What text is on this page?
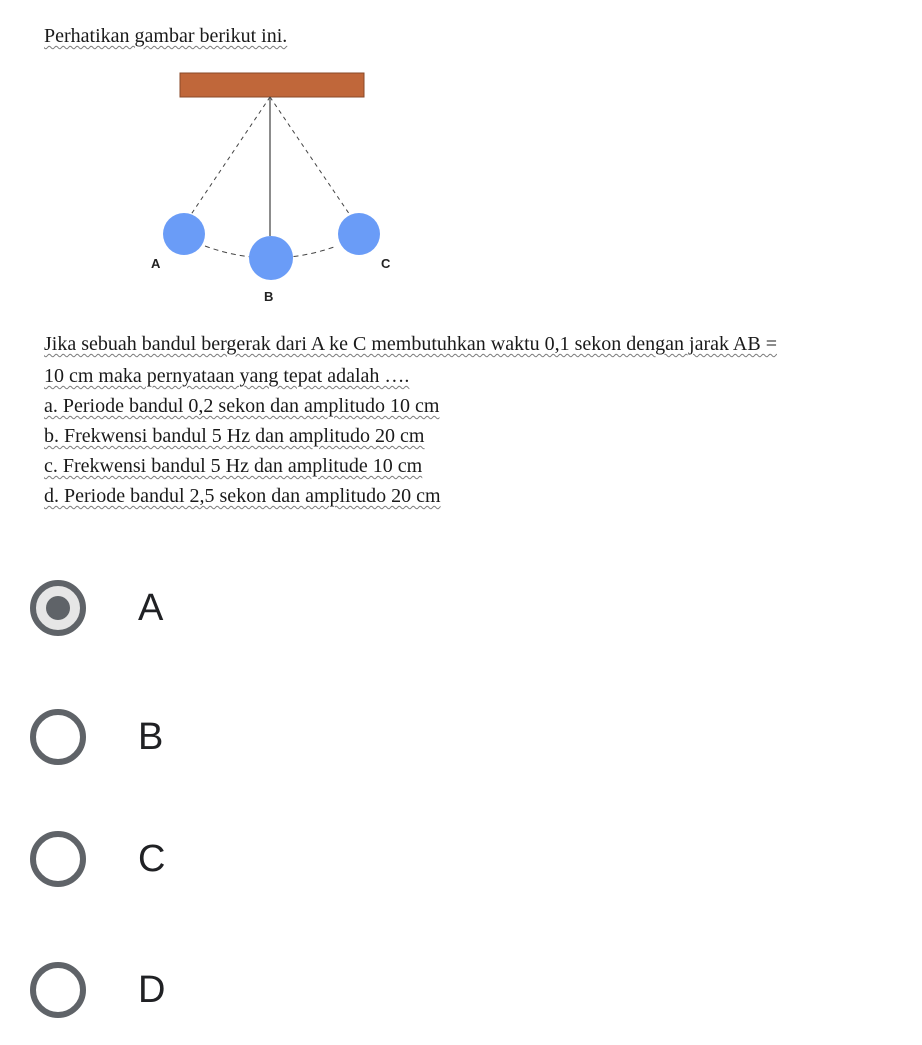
Perhatikan gambar berikut ini.
A
B
C
Jika sebuah bandul bergerak dari A ke C membutuhkan waktu 0,1 sekon dengan jarak AB =
10 cm maka pernyataan yang tepat adalah ….
a. Periode bandul 0,2 sekon dan amplitudo 10 cm
b. Frekwensi bandul 5 Hz dan amplitudo 20 cm
c. Frekwensi bandul 5 Hz dan amplitude 10 cm
d. Periode bandul 2,5 sekon dan amplitudo 20 cm
A
B
C
D
